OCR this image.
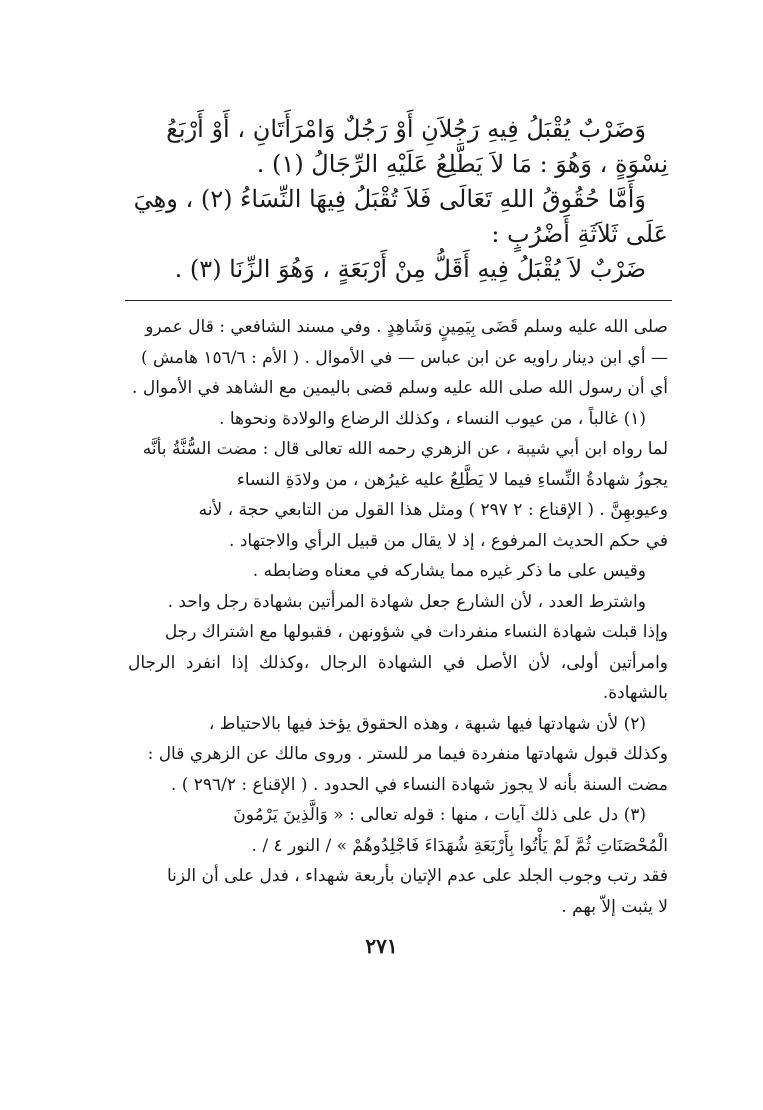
وَضَرْبٌ يُقْبَلُ فِيهِ رَجُلاَنِ أَوْ رَجُلٌ وَامْرَأَتَانِ ، أَوْ أَرْبَعُ

نِسْوَةٍ ، وَهُوَ : مَا لاَ يَطَّلِعُ عَلَيْهِ الرِّجَالُ (١) .

وَأَمَّا حُقُوقُ اللهِ تَعَالَى فَلاَ تُقْبَلُ فِيهَا النِّسَاءُ (٢) ، وهِيَ

عَلَى ثَلاَثَةِ أَضْرُبٍ :

ضَرْبٌ لاَ يُقْبَلُ فِيهِ أَقَلُّ مِنْ أَرْبَعَةٍ ، وَهُوَ الزِّنَا (٣) .

صلى الله عليه وسلم قَضَى بِيَمِينٍ وَشَاهِدٍ . وفي مسند الشافعي : قال عمرو

— أي ابن دينار راويه عن ابن عباس — في الأموال . ( الأم : ١٥٦/٦ هامش )

أي أن رسول الله صلى الله عليه وسلم قضى باليمين مع الشاهد في الأموال .

(١) غالباً ، من عيوب النساء ، وكذلك الرضاع والولادة ونحوها .

لما رواه ابن أبي شيبة ، عن الزهري رحمه الله تعالى قال : مضت السُّنَّةُ بأنَّه

يجوزُ شهادةُ النِّساءِ فيما لا يَطَّلِعُ عليه غيرُهن ، من ولادَةِ النساء

وعيوبهِنَّ . ( الإقناع : ٢ ٢٩٧ ) ومثل هذا القول من التابعي حجة ، لأنه

في حكم الحديث المرفوع ، إذ لا يقال من قبيل الرأي والاجتهاد .

وقيس على ما ذكر غيره مما يشاركه في معناه وضابطه .

واشترط العدد ، لأن الشارع جعل شهادة المرأتين بشهادة رجل واحد .

وإذا قبلت شهادة النساء منفردات في شؤونهن ، فقبولها مع اشتراك رجل

وامرأتين أولى، لأن الأصل في الشهادة الرجال ،وكذلك إذا انفرد الرجال بالشهادة.

(٢) لأن شهادتها فيها شبهة ، وهذه الحقوق يؤخذ فيها بالاحتياط ،

وكذلك قبول شهادتها منفردة فيما مر للستر . وروى مالك عن الزهري قال :

مضت السنة بأنه لا يجوز شهادة النساء في الحدود . ( الإقناع : ٢٩٦/٢ ) .

(٣) دل على ذلك آيات ، منها : قوله تعالى : « وَالَّذِينَ يَرْمُونَ

الْمُحْصَنَاتِ ثُمَّ لَمْ يَأْتُوا بِأَرْبَعَةِ شُهَدَاءَ فَاجْلِدُوهُمْ » / النور ٤ / .

فقد رتب وجوب الجلد على عدم الإتيان بأربعة شهداء ، فدل على أن الزنا

لا يثبت إلاّ بهم .

٢٧١
